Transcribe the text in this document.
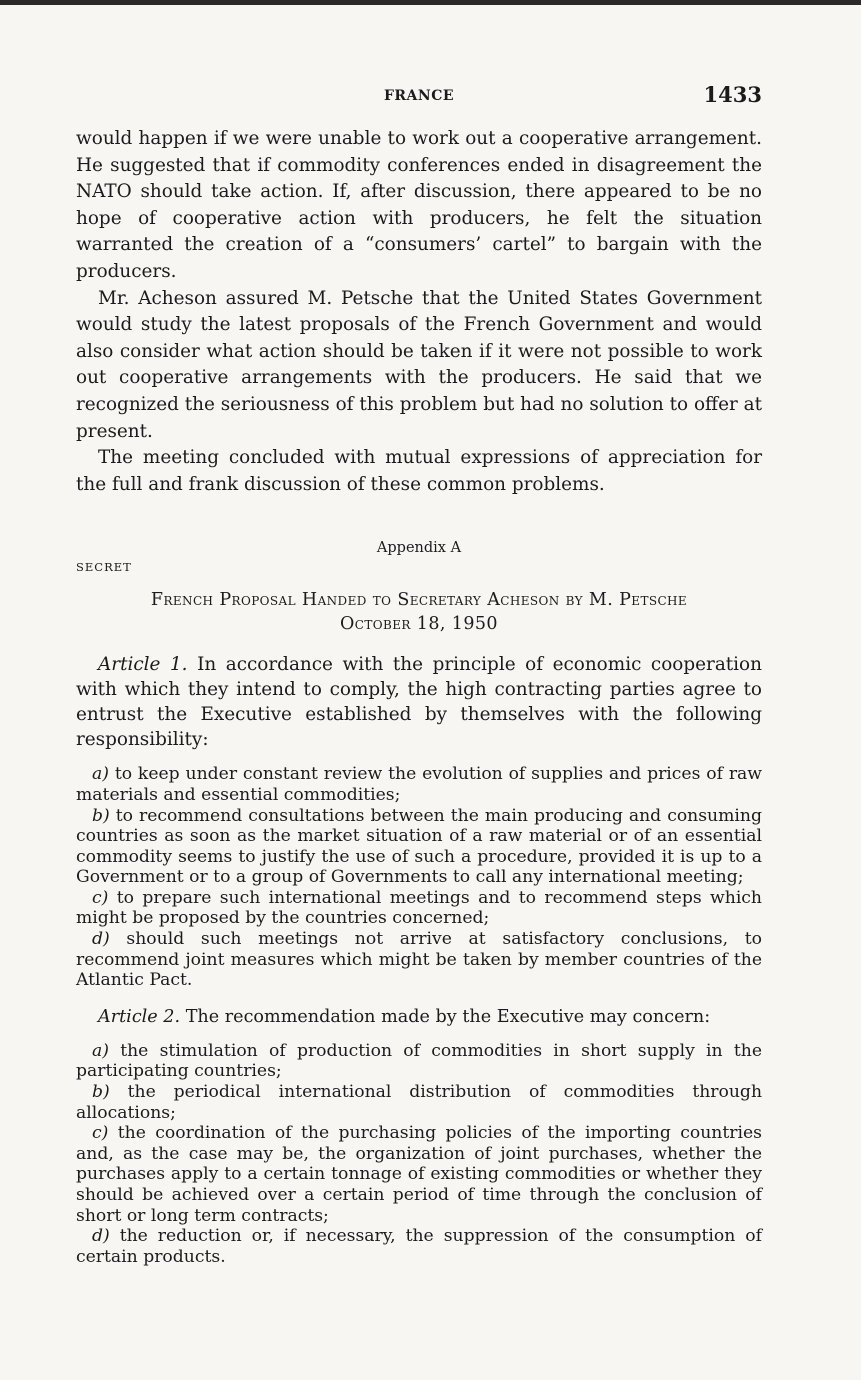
FRANCE	1433

would happen if we were unable to work out a cooperative arrangement. He suggested that if commodity conferences ended in disagreement the NATO should take action. If, after discussion, there appeared to be no hope of cooperative action with producers, he felt the situation warranted the creation of a “consumers’ cartel” to bargain with the producers.

Mr. Acheson assured M. Petsche that the United States Government would study the latest proposals of the French Government and would also consider what action should be taken if it were not possible to work out cooperative arrangements with the producers. He said that we recognized the seriousness of this problem but had no solution to offer at present.

The meeting concluded with mutual expressions of appreciation for the full and frank discussion of these common problems.

Appendix A
SECRET
French Proposal Handed to Secretary Acheson by M. Petsche
October 18, 1950

Article 1. In accordance with the principle of economic cooperation with which they intend to comply, the high contracting parties agree to entrust the Executive established by themselves with the following responsibility:

a) to keep under constant review the evolution of supplies and prices of raw materials and essential commodities;

b) to recommend consultations between the main producing and consuming countries as soon as the market situation of a raw material or of an essential commodity seems to justify the use of such a procedure, provided it is up to a Government or to a group of Governments to call any international meeting;

c) to prepare such international meetings and to recommend steps which might be proposed by the countries concerned;

d) should such meetings not arrive at satisfactory conclusions, to recommend joint measures which might be taken by member countries of the Atlantic Pact.

Article 2. The recommendation made by the Executive may concern:

a) the stimulation of production of commodities in short supply in the participating countries;

b) the periodical international distribution of commodities through allocations;

c) the coordination of the purchasing policies of the importing countries and, as the case may be, the organization of joint purchases, whether the purchases apply to a certain tonnage of existing commodities or whether they should be achieved over a certain period of time through the conclusion of short or long term contracts;

d) the reduction or, if necessary, the suppression of the consumption of certain products.
